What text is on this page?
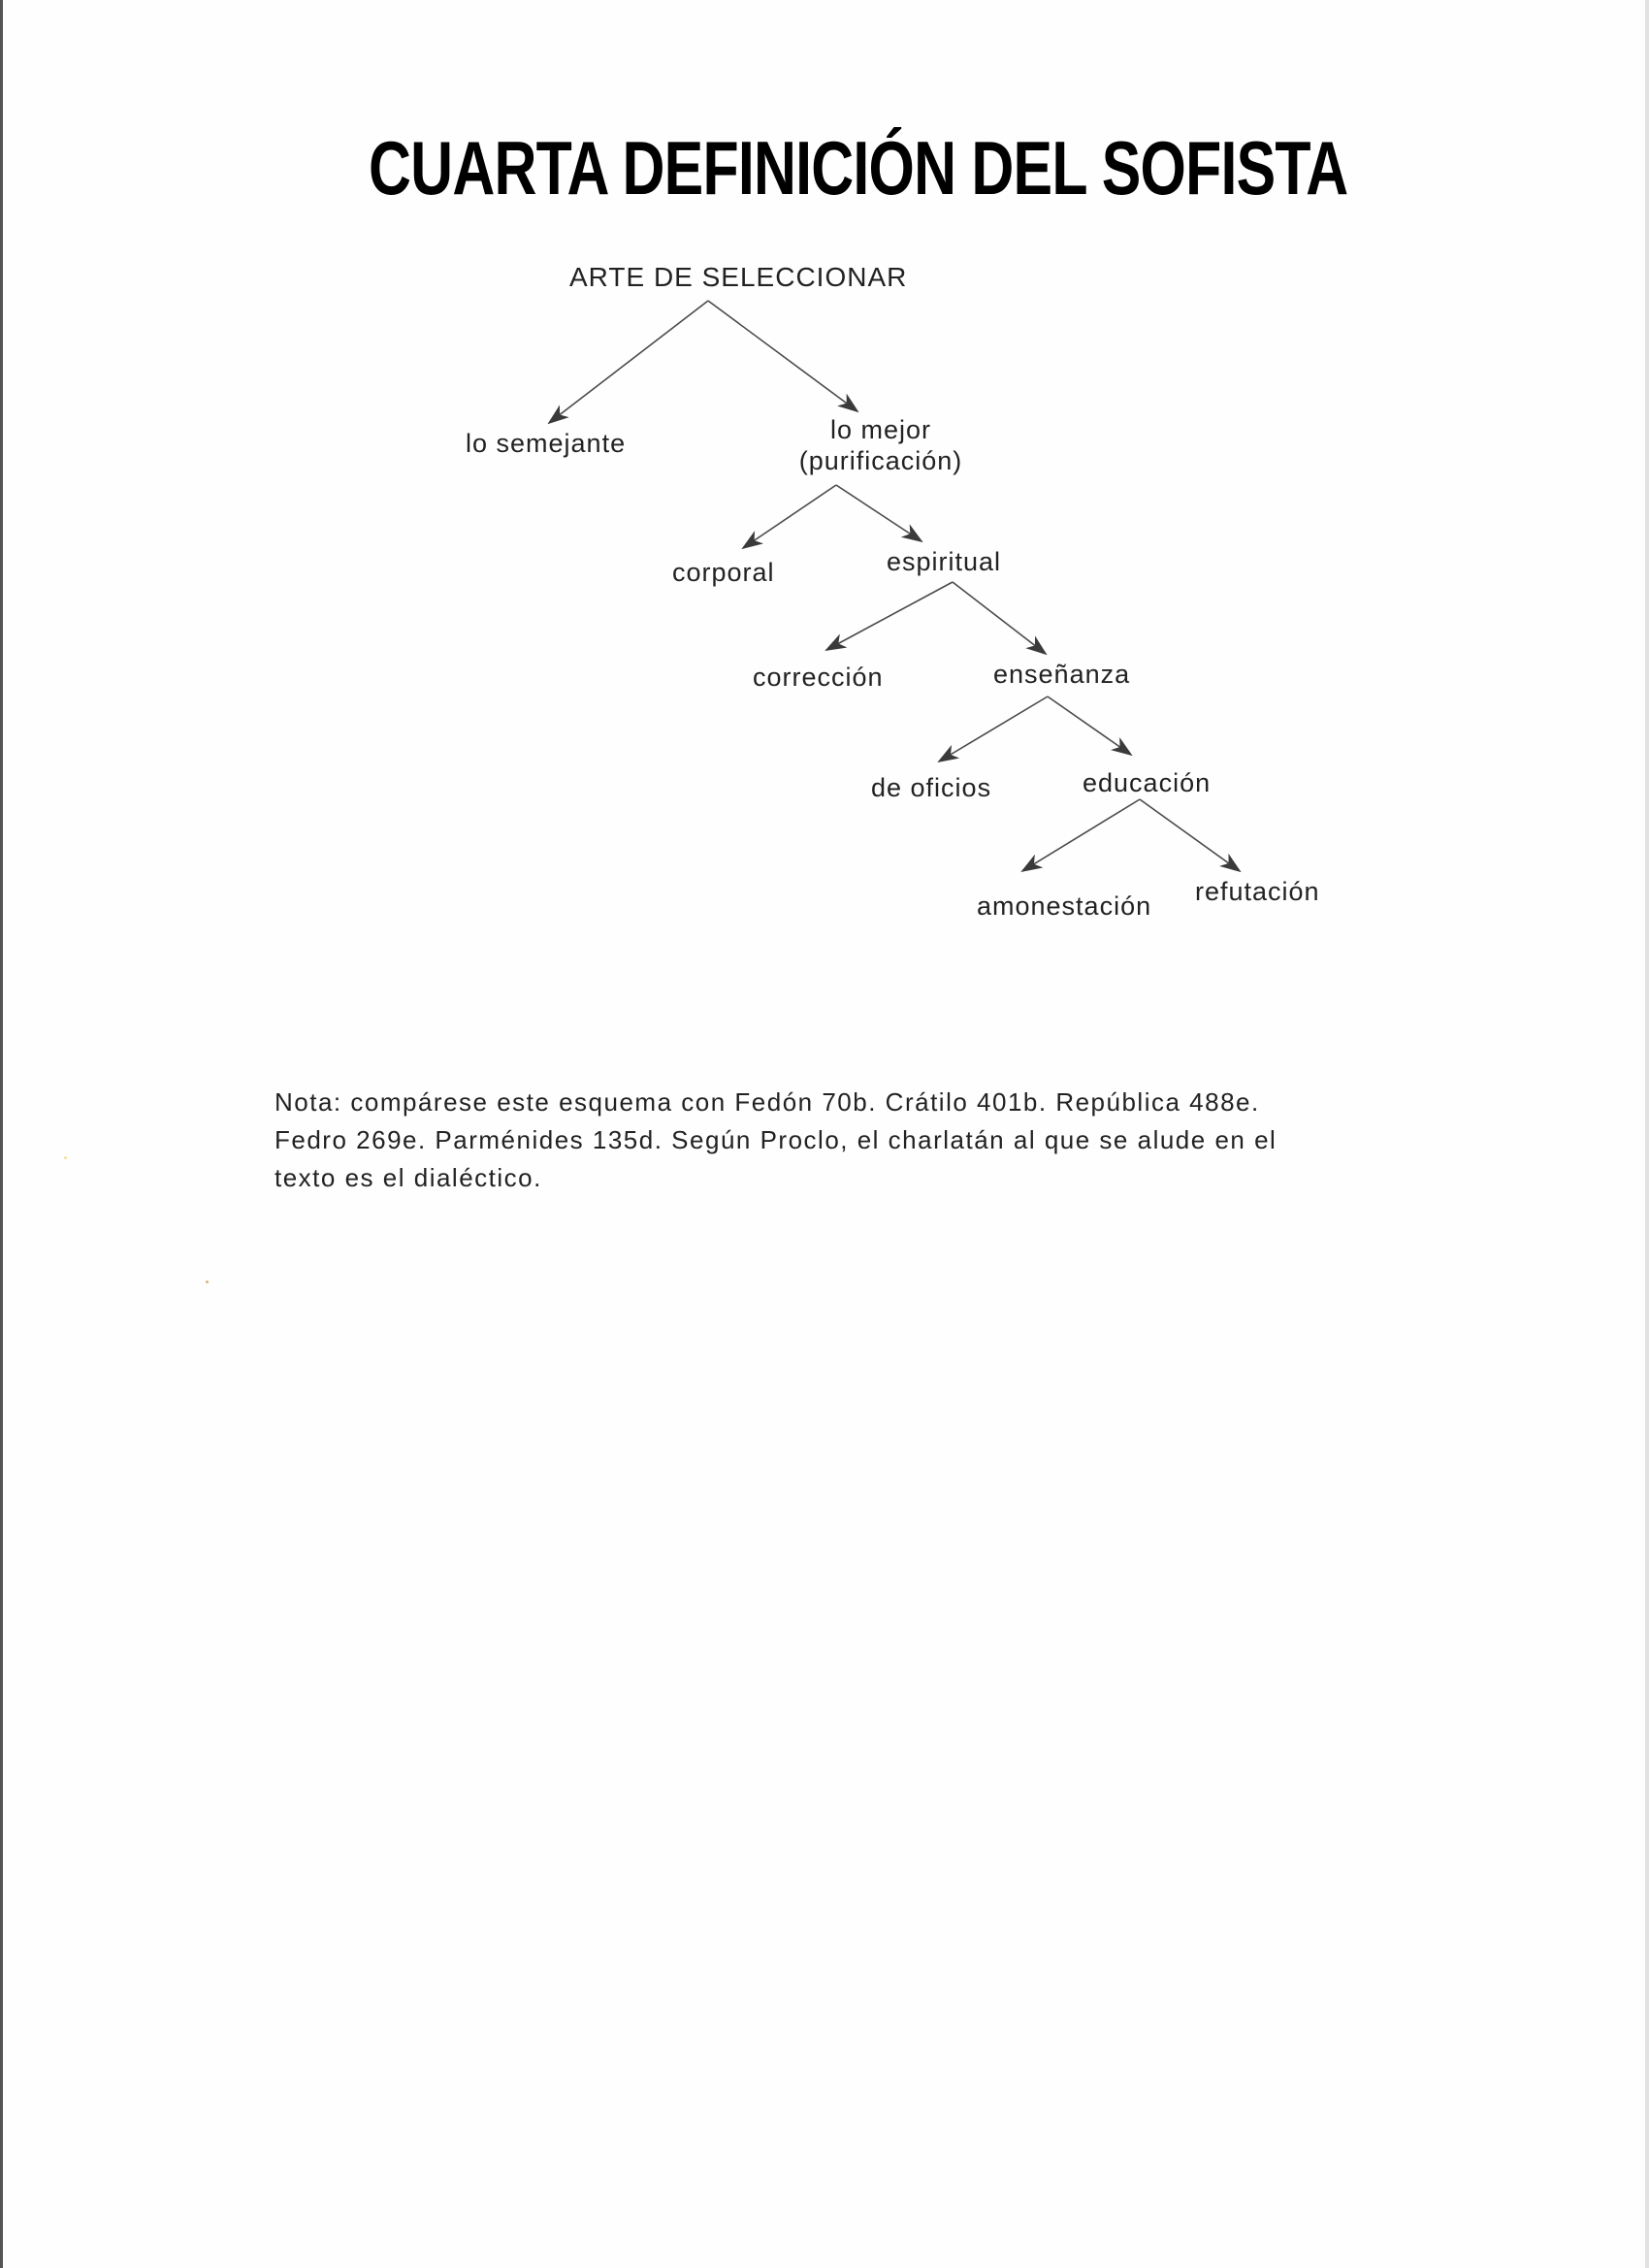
CUARTA DEFINICIÓN DEL SOFISTA
ARTE DE SELECCIONAR
lo semejante	lo mejor
(purificación)
corporal	espiritual
corrección	enseñanza
de oficios	educación
amonestación refutación
Nota: compárese este esquema con Fedón 70b. Crátilo 401b. República 488e.
Fedro 269e. Parménides 135d. Según Proclo, el charlatán al que se alude en el
texto es el dialéctico.
